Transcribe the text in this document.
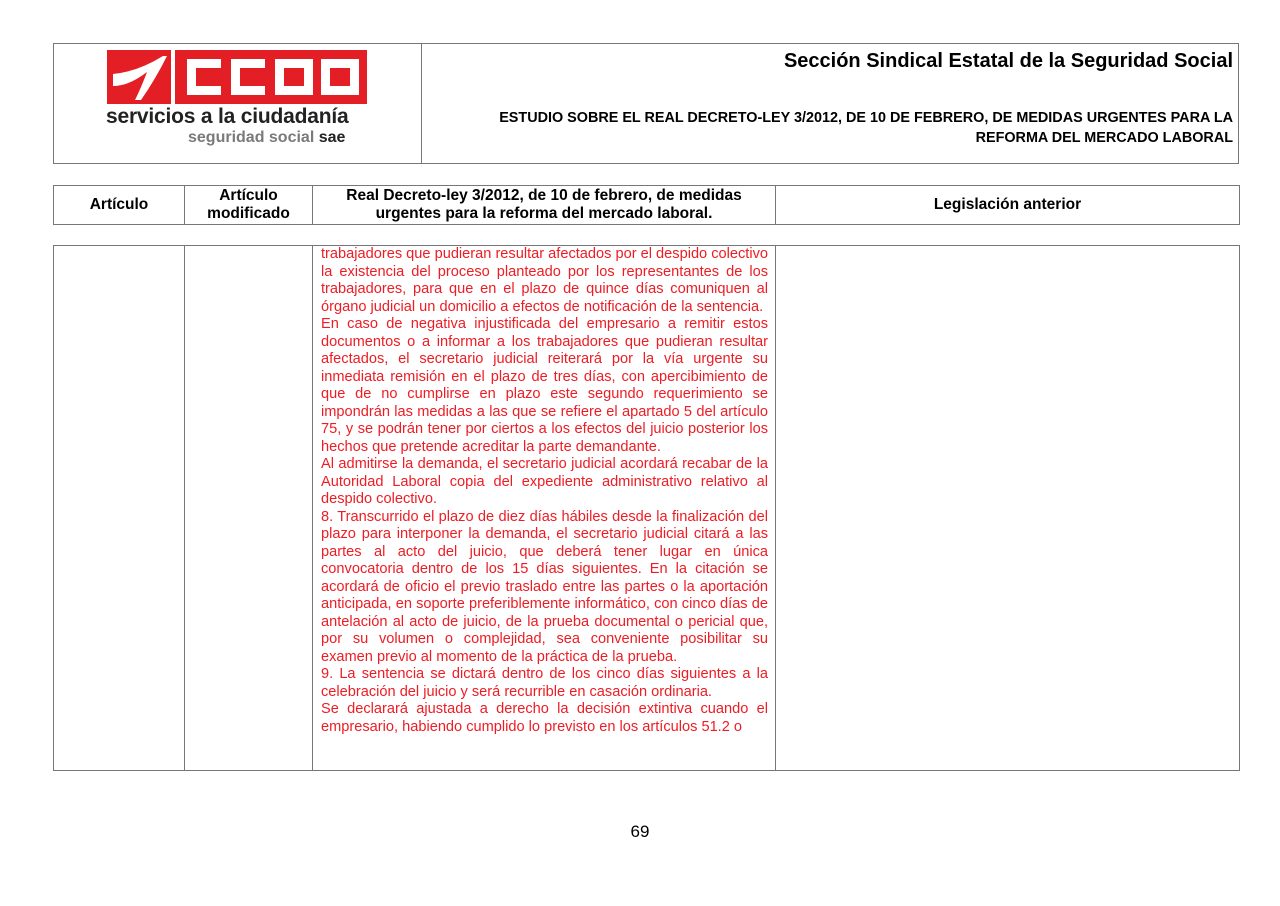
servicios a la ciudadanía
seguridad social sae
Sección Sindical Estatal de la Seguridad Social
ESTUDIO SOBRE EL REAL DECRETO-LEY 3/2012, DE 10 DE FEBRERO, DE MEDIDAS URGENTES PARA LA REFORMA DEL MERCADO LABORAL
Artículo	Artículo modificado	Real Decreto-ley 3/2012, de 10 de febrero, de medidas urgentes para la reforma del mercado laboral.	Legislación anterior

trabajadores que pudieran resultar afectados por el despido colectivo la existencia del proceso planteado por los representantes de los trabajadores, para que en el plazo de quince días comuniquen al órgano judicial un domicilio a efectos de notificación de la sentencia.

En caso de negativa injustificada del empresario a remitir estos documentos o a informar a los trabajadores que pudieran resultar afectados, el secretario judicial reiterará por la vía urgente su inmediata remisión en el plazo de tres días, con apercibimiento de que de no cumplirse en plazo este segundo requerimiento se impondrán las medidas a las que se refiere el apartado 5 del artículo 75, y se podrán tener por ciertos a los efectos del juicio posterior los hechos que pretende acreditar la parte demandante.

Al admitirse la demanda, el secretario judicial acordará recabar de la Autoridad Laboral copia del expediente administrativo relativo al despido colectivo.

8. Transcurrido el plazo de diez días hábiles desde la finalización del plazo para interponer la demanda, el secretario judicial citará a las partes al acto del juicio, que deberá tener lugar en única convocatoria dentro de los 15 días siguientes. En la citación se acordará de oficio el previo traslado entre las partes o la aportación anticipada, en soporte preferiblemente informático, con cinco días de antelación al acto de juicio, de la prueba documental o pericial que, por su volumen o complejidad, sea conveniente posibilitar su examen previo al momento de la práctica de la prueba.

9. La sentencia se dictará dentro de los cinco días siguientes a la celebración del juicio y será recurrible en casación ordinaria.

Se declarará ajustada a derecho la decisión extintiva cuando el empresario, habiendo cumplido lo previsto en los artículos 51.2 o

69
